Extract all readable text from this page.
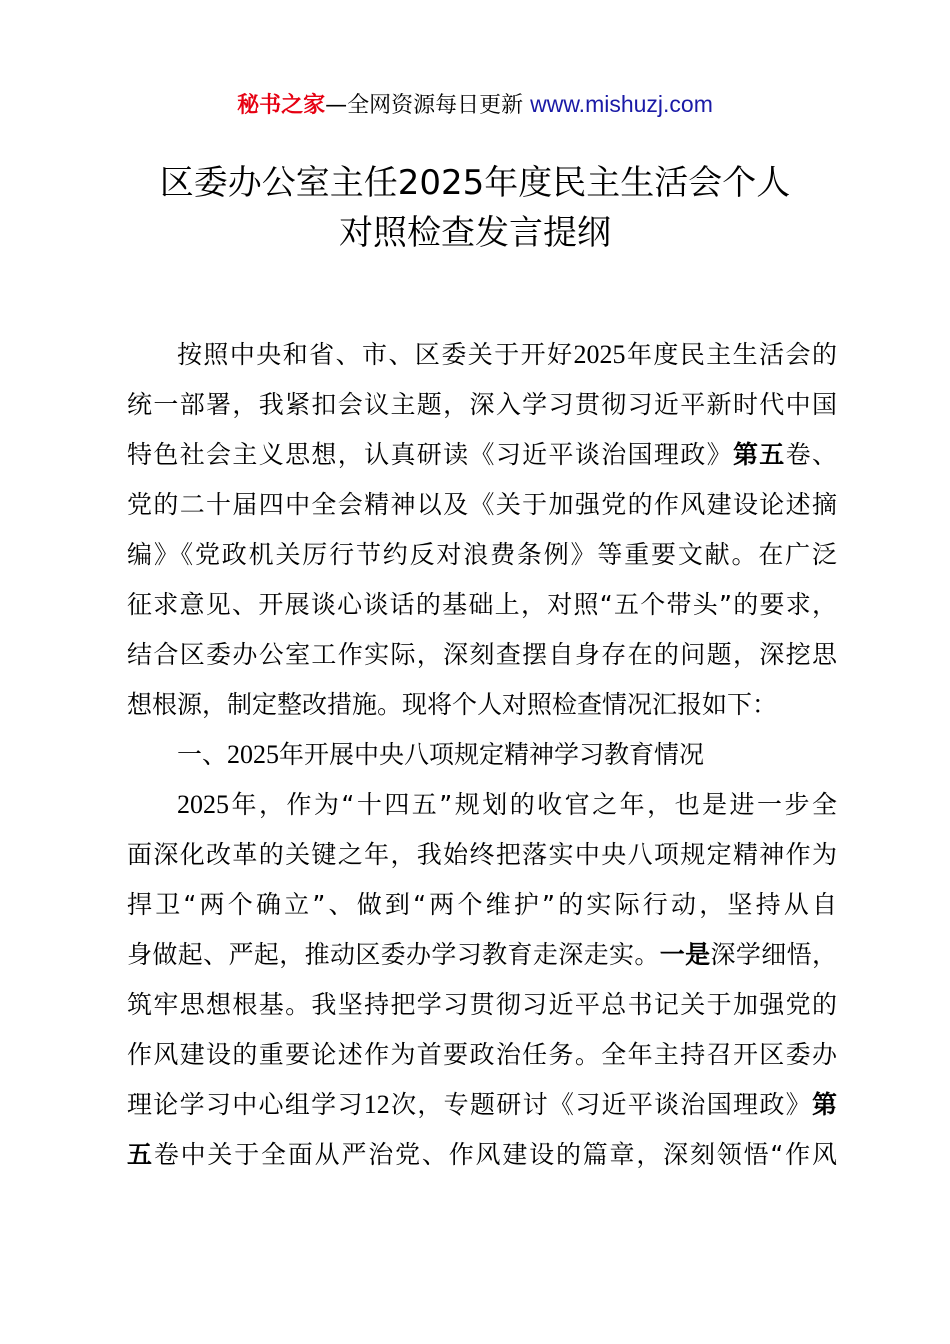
秘书之家—全网资源每日更新 www.mishuzj.com
区委办公室主任2025年度民主生活会个人
对照检查发言提纲
按照中央和省、市、区委关于开好2025年度民主生活会的
统一部署，我紧扣会议主题，深入学习贯彻习近平新时代中国
特色社会主义思想，认真研读《习近平谈治国理政》第五卷、
党的二十届四中全会精神以及《关于加强党的作风建设论述摘
编》《党政机关厉行节约反对浪费条例》等重要文献。在广泛
征求意见、开展谈心谈话的基础上，对照“五个带头”的要求，
结合区委办公室工作实际，深刻查摆自身存在的问题，深挖思
想根源，制定整改措施。现将个人对照检查情况汇报如下：
一、2025年开展中央八项规定精神学习教育情况
2025年，作为“十四五”规划的收官之年，也是进一步全
面深化改革的关键之年，我始终把落实中央八项规定精神作为
捍卫“两个确立”、做到“两个维护”的实际行动，坚持从自
身做起、严起，推动区委办学习教育走深走实。一是深学细悟，
筑牢思想根基。我坚持把学习贯彻习近平总书记关于加强党的
作风建设的重要论述作为首要政治任务。全年主持召开区委办
理论学习中心组学习12次，专题研讨《习近平谈治国理政》第
五卷中关于全面从严治党、作风建设的篇章，深刻领悟“作风
